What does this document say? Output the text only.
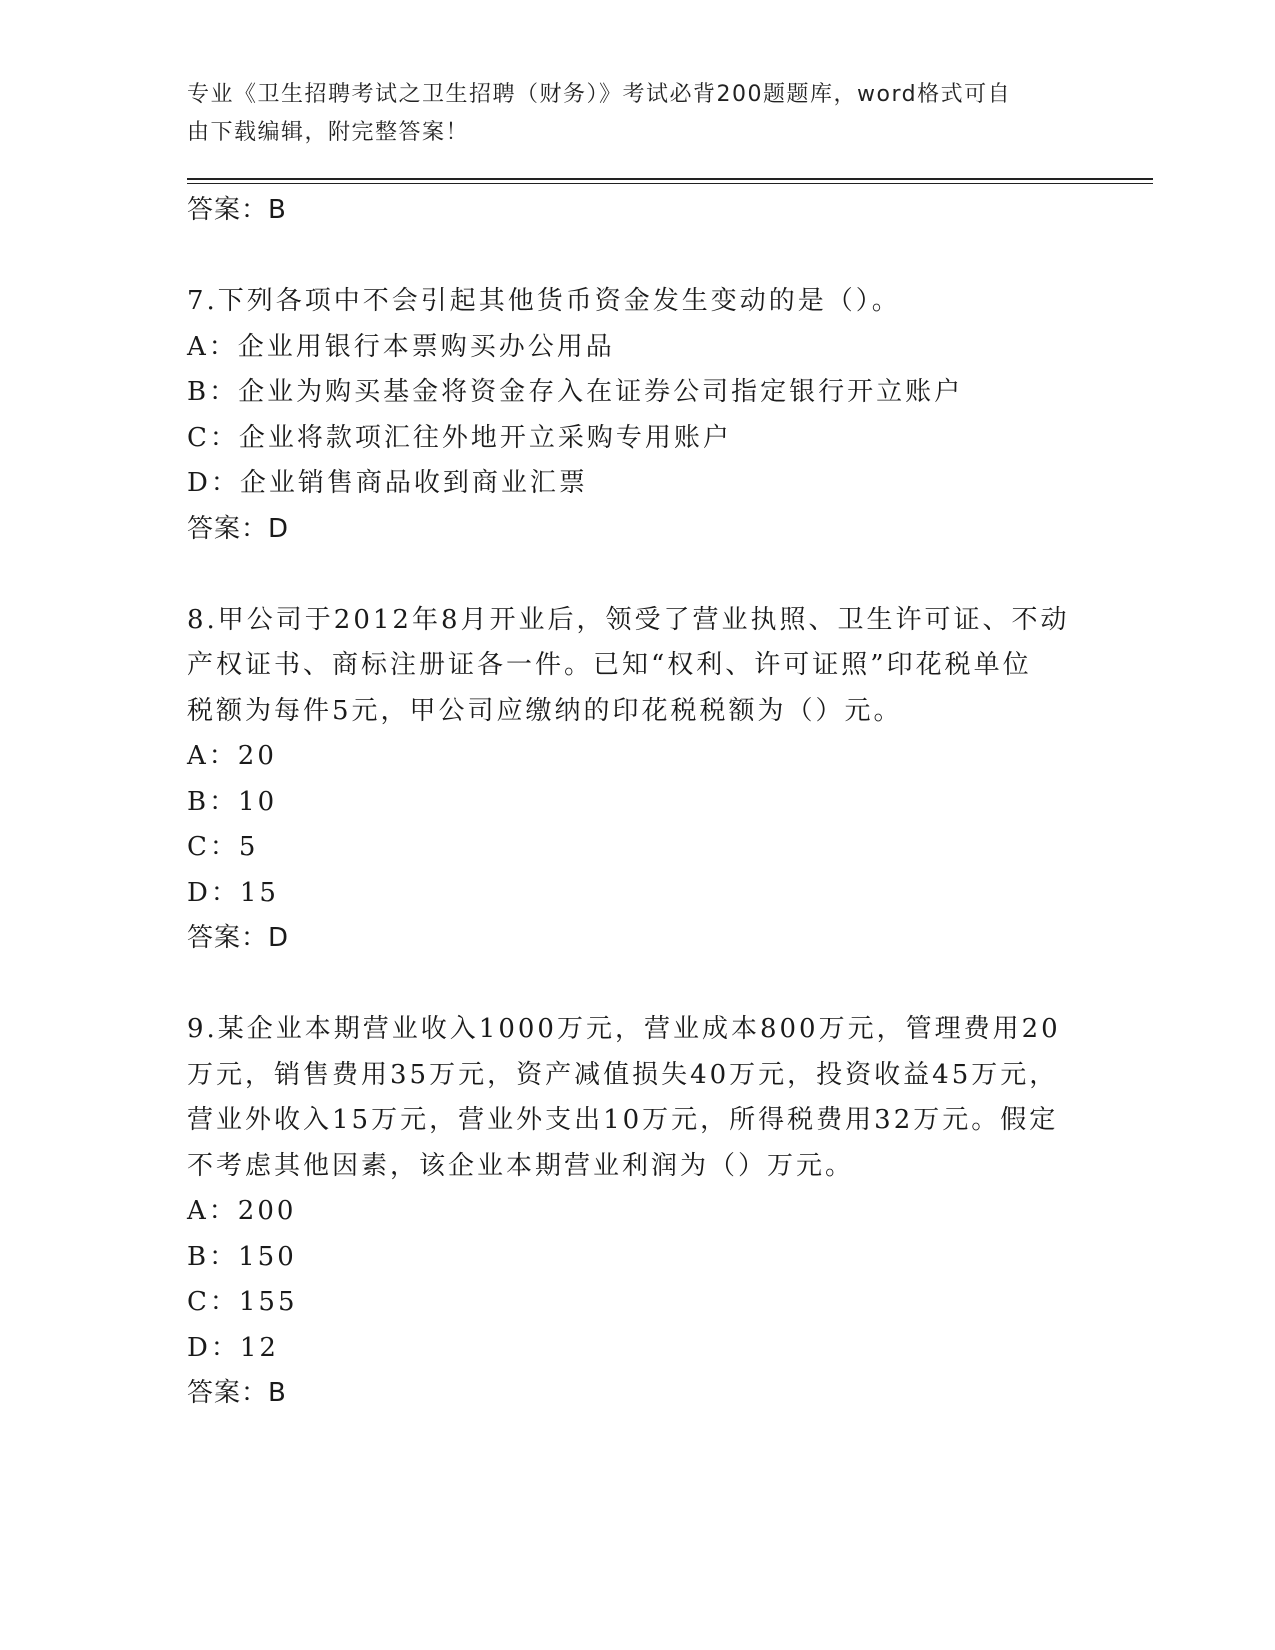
专业《卫生招聘考试之卫生招聘（财务）》考试必背200题题库，word格式可自
由下载编辑，附完整答案！
答案：B
7.下列各项中不会引起其他货币资金发生变动的是（）。
A：企业用银行本票购买办公用品
B：企业为购买基金将资金存入在证券公司指定银行开立账户
C：企业将款项汇往外地开立采购专用账户
D：企业销售商品收到商业汇票
答案：D
8.甲公司于2012年8月开业后，领受了营业执照、卫生许可证、不动
产权证书、商标注册证各一件。已知“权利、许可证照”印花税单位
税额为每件5元，甲公司应缴纳的印花税税额为（）元。
A：20
B：10
C：5
D：15
答案：D
9.某企业本期营业收入1000万元，营业成本800万元，管理费用20
万元，销售费用35万元，资产减值损失40万元，投资收益45万元，
营业外收入15万元，营业外支出10万元，所得税费用32万元。假定
不考虑其他因素，该企业本期营业利润为（）万元。
A：200
B：150
C：155
D：12
答案：B
